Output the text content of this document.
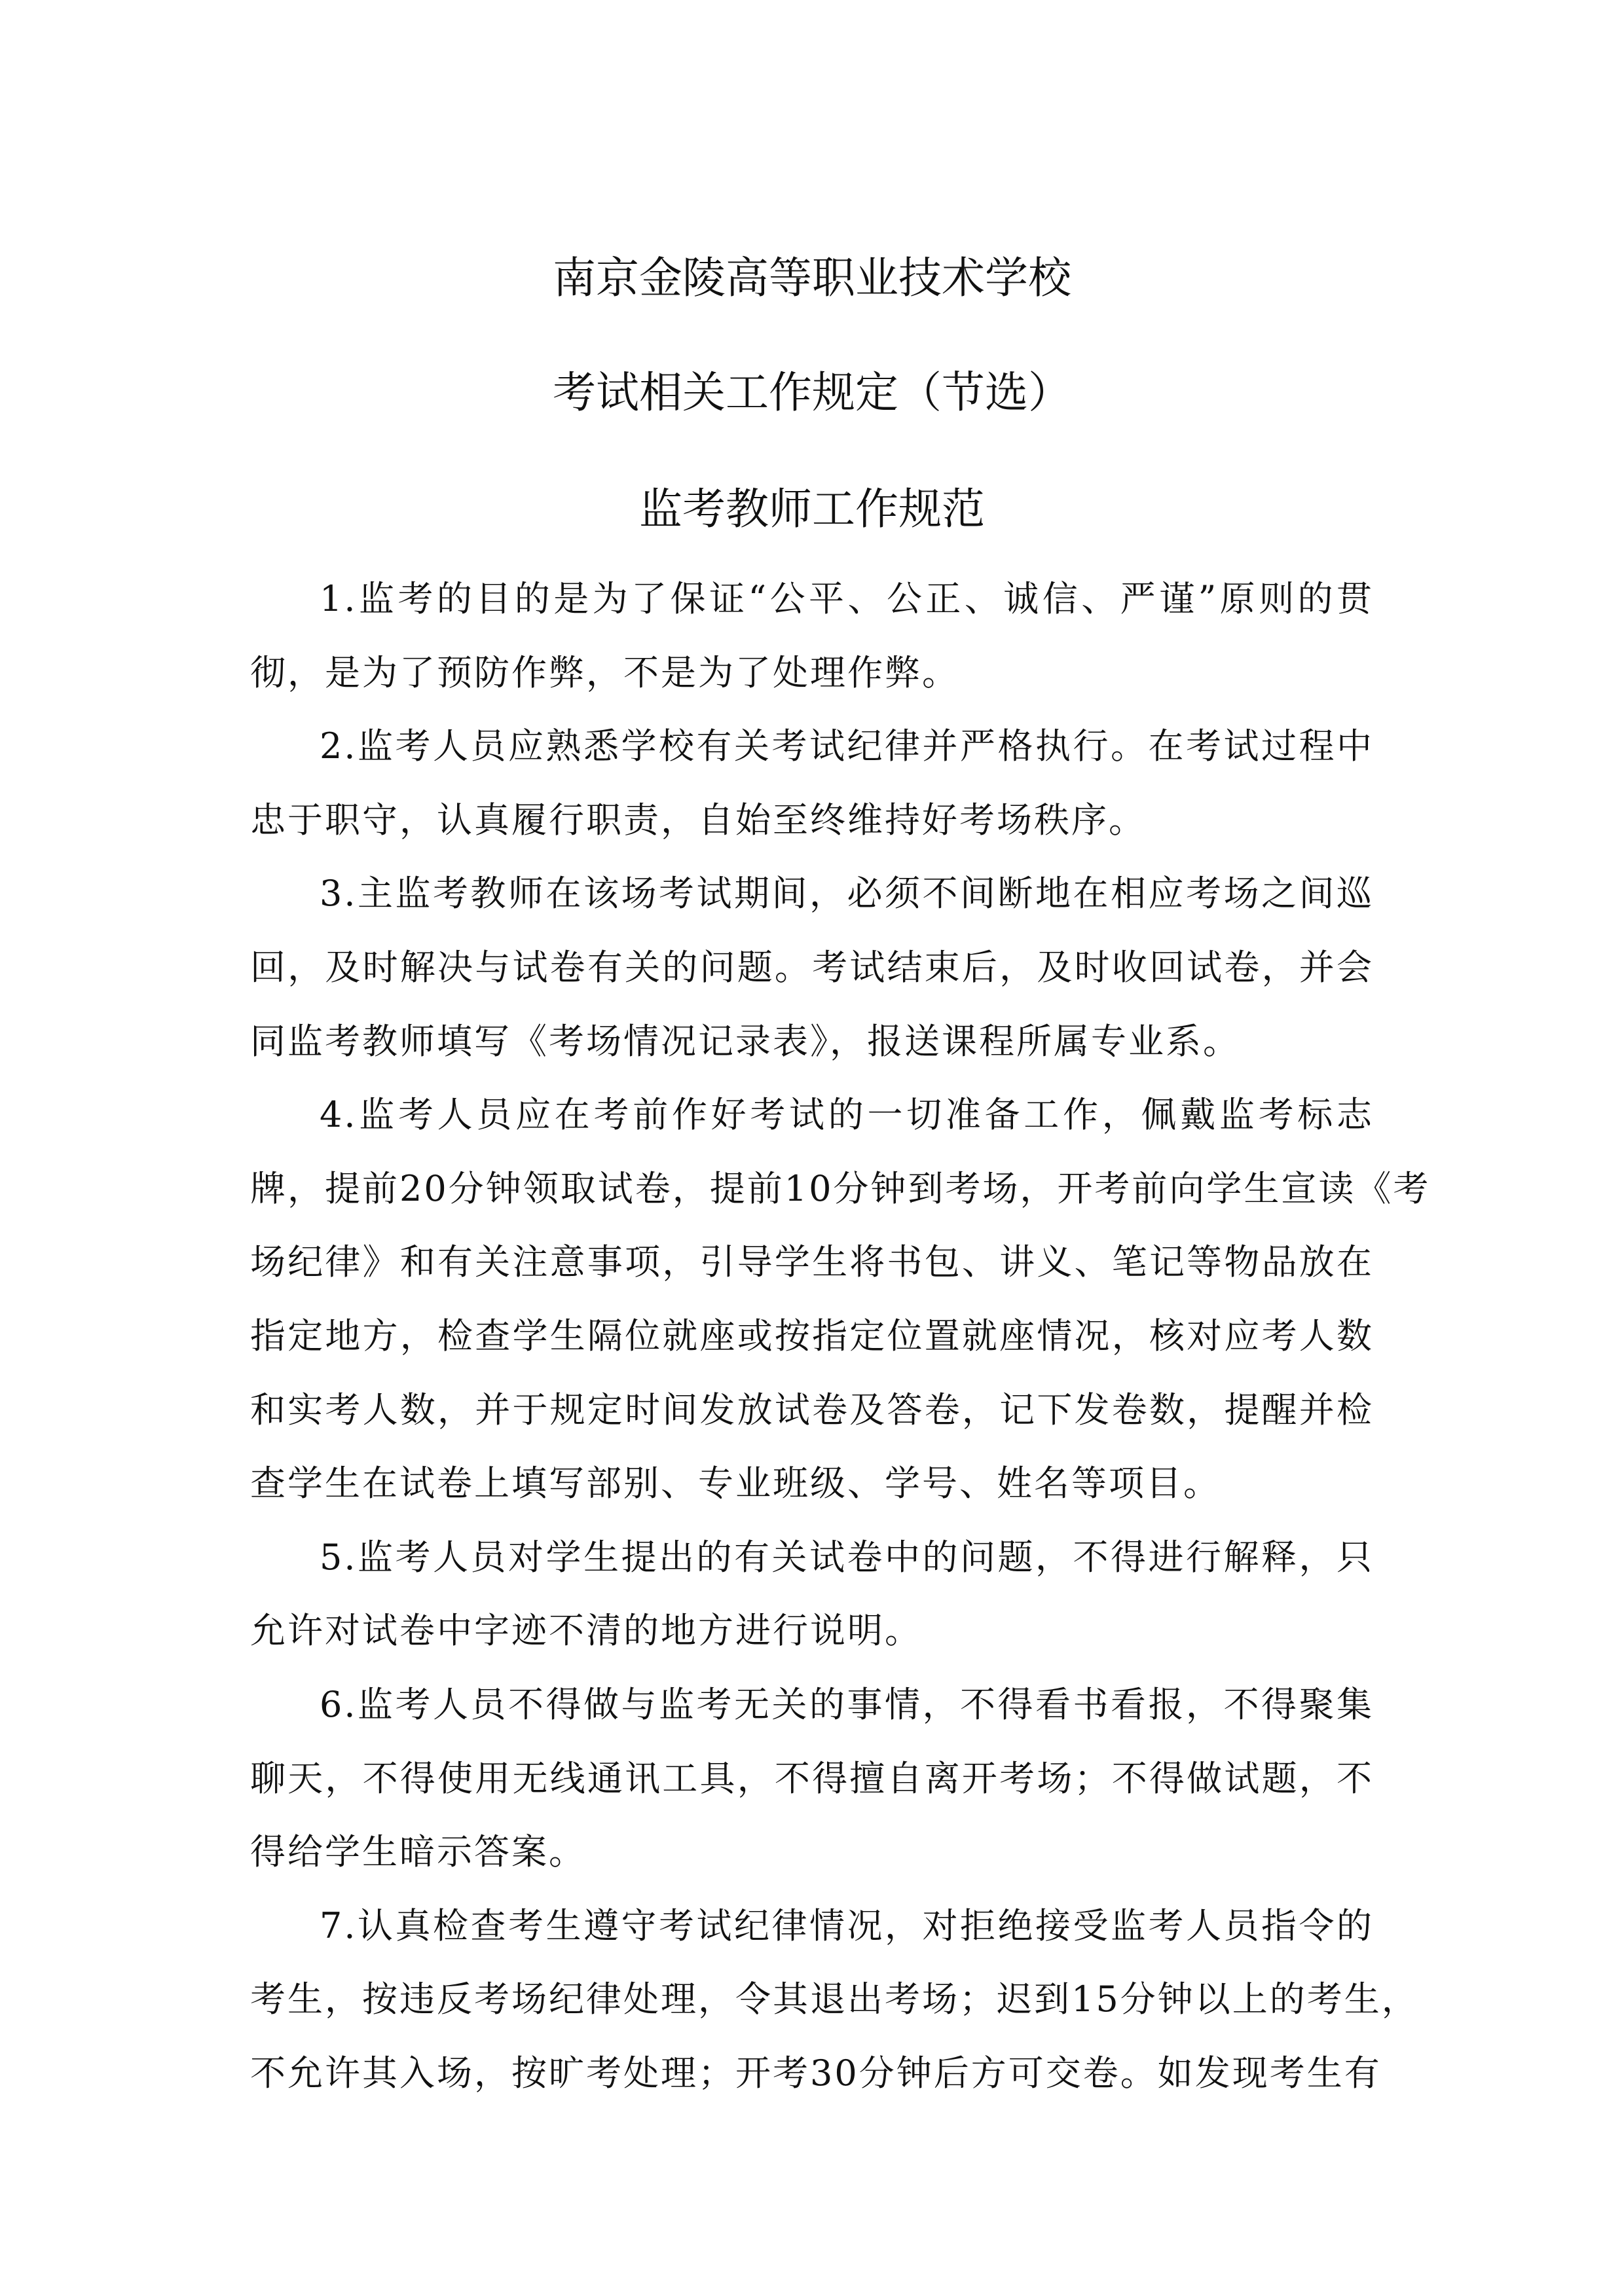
南京金陵高等职业技术学校
考试相关工作规定（节选）
监考教师工作规范
1.监考的目的是为了保证“公平、公正、诚信、严谨”原则的贯
彻，是为了预防作弊，不是为了处理作弊。
2.监考人员应熟悉学校有关考试纪律并严格执行。在考试过程中
忠于职守，认真履行职责，自始至终维持好考场秩序。
3.主监考教师在该场考试期间，必须不间断地在相应考场之间巡
回，及时解决与试卷有关的问题。考试结束后，及时收回试卷，并会
同监考教师填写《考场情况记录表》，报送课程所属专业系。
4.监考人员应在考前作好考试的一切准备工作，佩戴监考标志
牌，提前20分钟领取试卷，提前10分钟到考场，开考前向学生宣读《考
场纪律》和有关注意事项，引导学生将书包、讲义、笔记等物品放在
指定地方，检查学生隔位就座或按指定位置就座情况，核对应考人数
和实考人数，并于规定时间发放试卷及答卷，记下发卷数，提醒并检
查学生在试卷上填写部别、专业班级、学号、姓名等项目。
5.监考人员对学生提出的有关试卷中的问题，不得进行解释，只
允许对试卷中字迹不清的地方进行说明。
6.监考人员不得做与监考无关的事情，不得看书看报，不得聚集
聊天，不得使用无线通讯工具，不得擅自离开考场；不得做试题，不
得给学生暗示答案。
7.认真检查考生遵守考试纪律情况，对拒绝接受监考人员指令的
考生，按违反考场纪律处理，令其退出考场；迟到15分钟以上的考生，
不允许其入场，按旷考处理；开考30分钟后方可交卷。如发现考生有
